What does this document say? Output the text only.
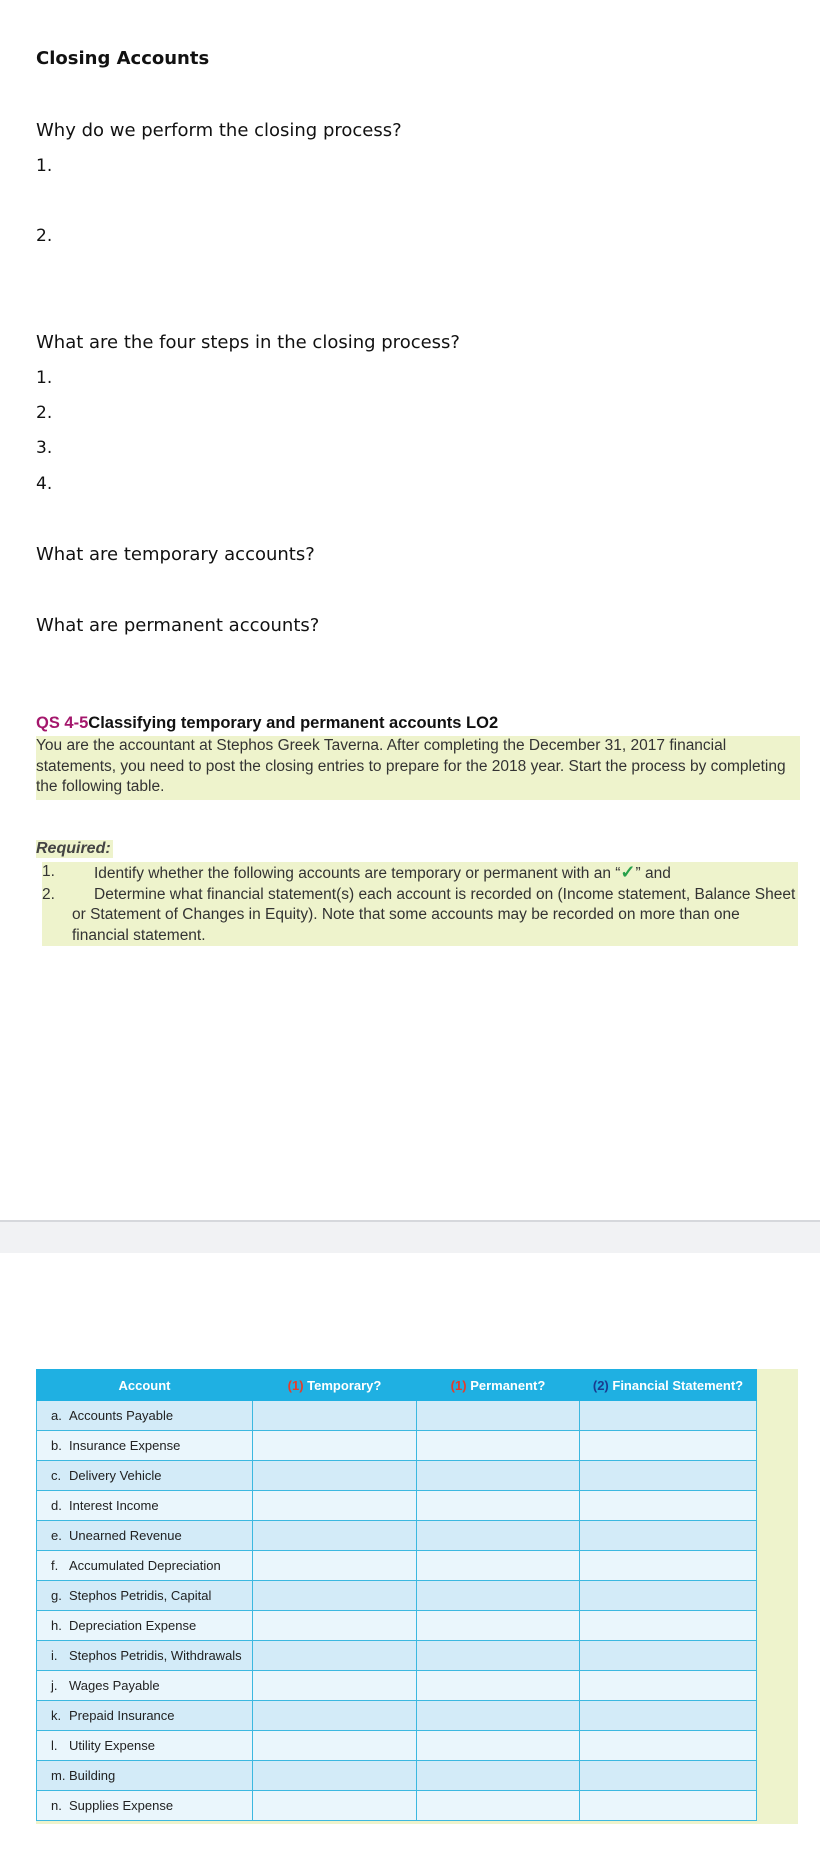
Closing Accounts
Why do we perform the closing process?
1.
2.
What are the four steps in the closing process?
1.
2.
3.
4.
What are temporary accounts?
What are permanent accounts?
QS 4-5Classifying temporary and permanent accounts LO2
You are the accountant at Stephos Greek Taverna. After completing the December 31, 2017 financial statements, you need to post the closing entries to prepare for the 2018 year. Start the process by completing the following table.
Required:
1.	Identify whether the following accounts are temporary or permanent with an “✓” and
2.	Determine what financial statement(s) each account is recorded on (Income statement, Balance Sheet or Statement of Changes in Equity). Note that some accounts may be recorded on more than one financial statement.
Account	(1) Temporary?	(1) Permanent?	(2) Financial Statement?
a. Accounts Payable			
b. Insurance Expense			
c. Delivery Vehicle			
d. Interest Income			
e. Unearned Revenue			
f. Accumulated Depreciation			
g. Stephos Petridis, Capital			
h. Depreciation Expense			
i. Stephos Petridis, Withdrawals			
j. Wages Payable			
k. Prepaid Insurance			
l. Utility Expense			
m. Building			
n. Supplies Expense			
